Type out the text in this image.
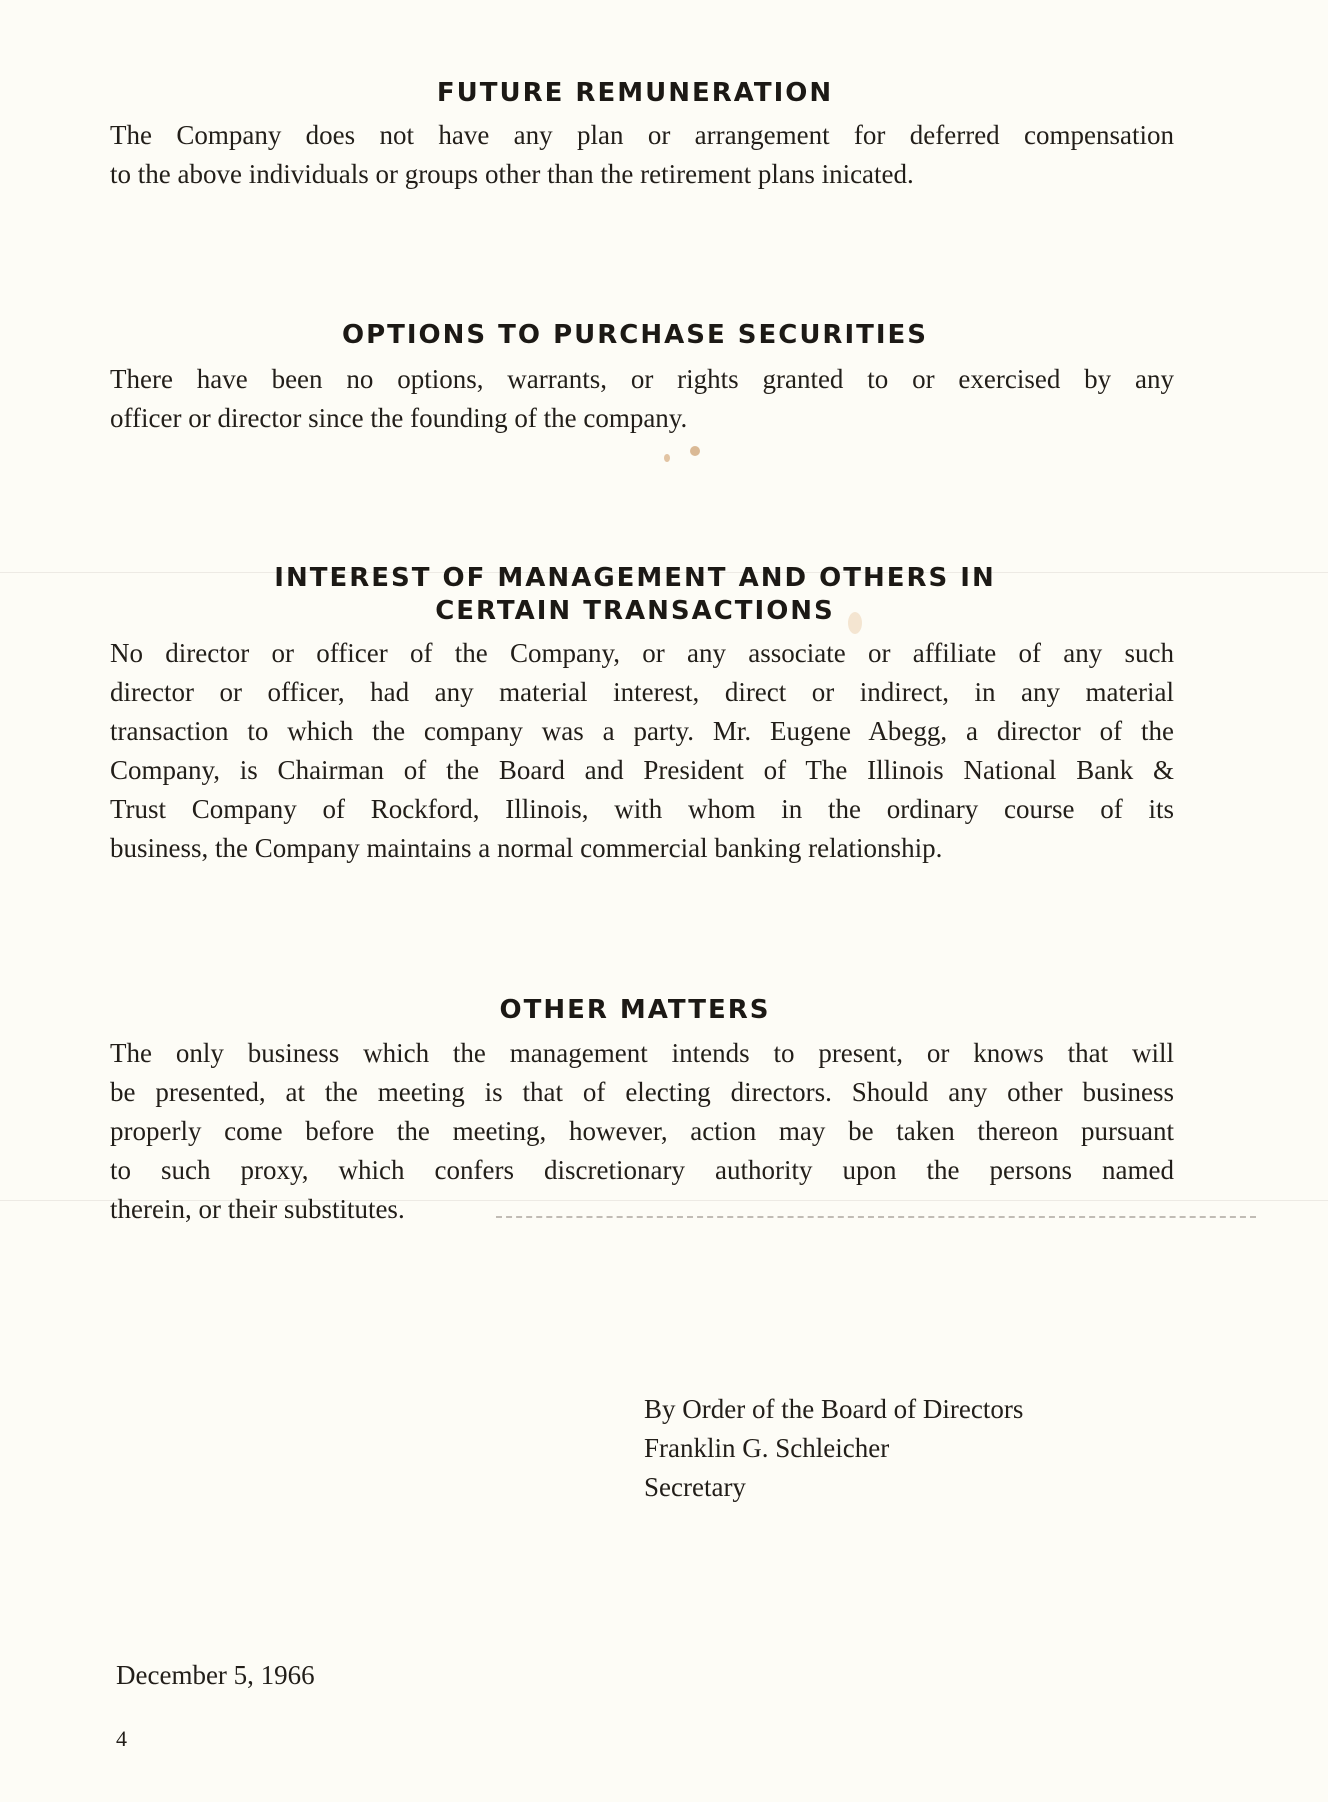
FUTURE REMUNERATION
The Company does not have any plan or arrangement for deferred compensation
to the above individuals or groups other than the retirement plans inicated.
OPTIONS TO PURCHASE SECURITIES
There have been no options, warrants, or rights granted to or exercised by any
officer or director since the founding of the company.
INTEREST OF MANAGEMENT AND OTHERS IN
CERTAIN TRANSACTIONS
No director or officer of the Company, or any associate or affiliate of any such
director or officer, had any material interest, direct or indirect, in any material
transaction to which the company was a party. Mr. Eugene Abegg, a director of the
Company, is Chairman of the Board and President of The Illinois National Bank &
Trust Company of Rockford, Illinois, with whom in the ordinary course of its
business, the Company maintains a normal commercial banking relationship.
OTHER MATTERS
The only business which the management intends to present, or knows that will
be presented, at the meeting is that of electing directors. Should any other business
properly come before the meeting, however, action may be taken thereon pursuant
to such proxy, which confers discretionary authority upon the persons named
therein, or their substitutes.
By Order of the Board of Directors
Franklin G. Schleicher
Secretary
December 5, 1966
4
